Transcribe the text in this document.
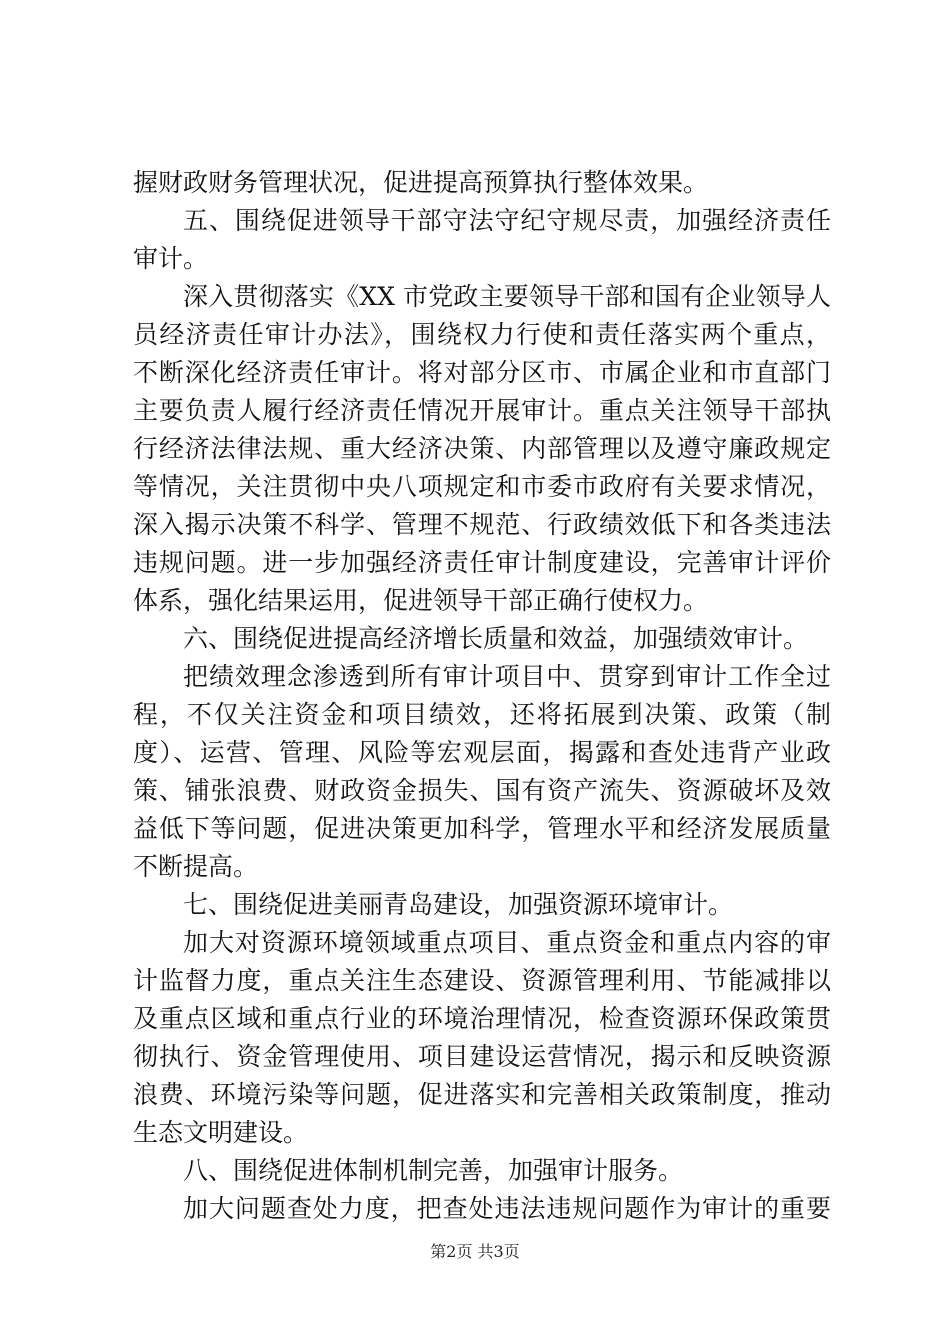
握财政财务管理状况，促进提高预算执行整体效果。
五、围绕促进领导干部守法守纪守规尽责，加强经济责任
审计。
深入贯彻落实《XX 市党政主要领导干部和国有企业领导人
员经济责任审计办法》，围绕权力行使和责任落实两个重点，
不断深化经济责任审计。将对部分区市、市属企业和市直部门
主要负责人履行经济责任情况开展审计。重点关注领导干部执
行经济法律法规、重大经济决策、内部管理以及遵守廉政规定
等情况，关注贯彻中央八项规定和市委市政府有关要求情况，
深入揭示决策不科学、管理不规范、行政绩效低下和各类违法
违规问题。进一步加强经济责任审计制度建设，完善审计评价
体系，强化结果运用，促进领导干部正确行使权力。
六、围绕促进提高经济增长质量和效益，加强绩效审计。
把绩效理念渗透到所有审计项目中、贯穿到审计工作全过
程，不仅关注资金和项目绩效，还将拓展到决策、政策（制
度）、运营、管理、风险等宏观层面，揭露和查处违背产业政
策、铺张浪费、财政资金损失、国有资产流失、资源破坏及效
益低下等问题，促进决策更加科学，管理水平和经济发展质量
不断提高。
七、围绕促进美丽青岛建设，加强资源环境审计。
加大对资源环境领域重点项目、重点资金和重点内容的审
计监督力度，重点关注生态建设、资源管理利用、节能减排以
及重点区域和重点行业的环境治理情况，检查资源环保政策贯
彻执行、资金管理使用、项目建设运营情况，揭示和反映资源
浪费、环境污染等问题，促进落实和完善相关政策制度，推动
生态文明建设。
八、围绕促进体制机制完善，加强审计服务。
加大问题查处力度，把查处违法违规问题作为审计的重要
第2页 共3页
